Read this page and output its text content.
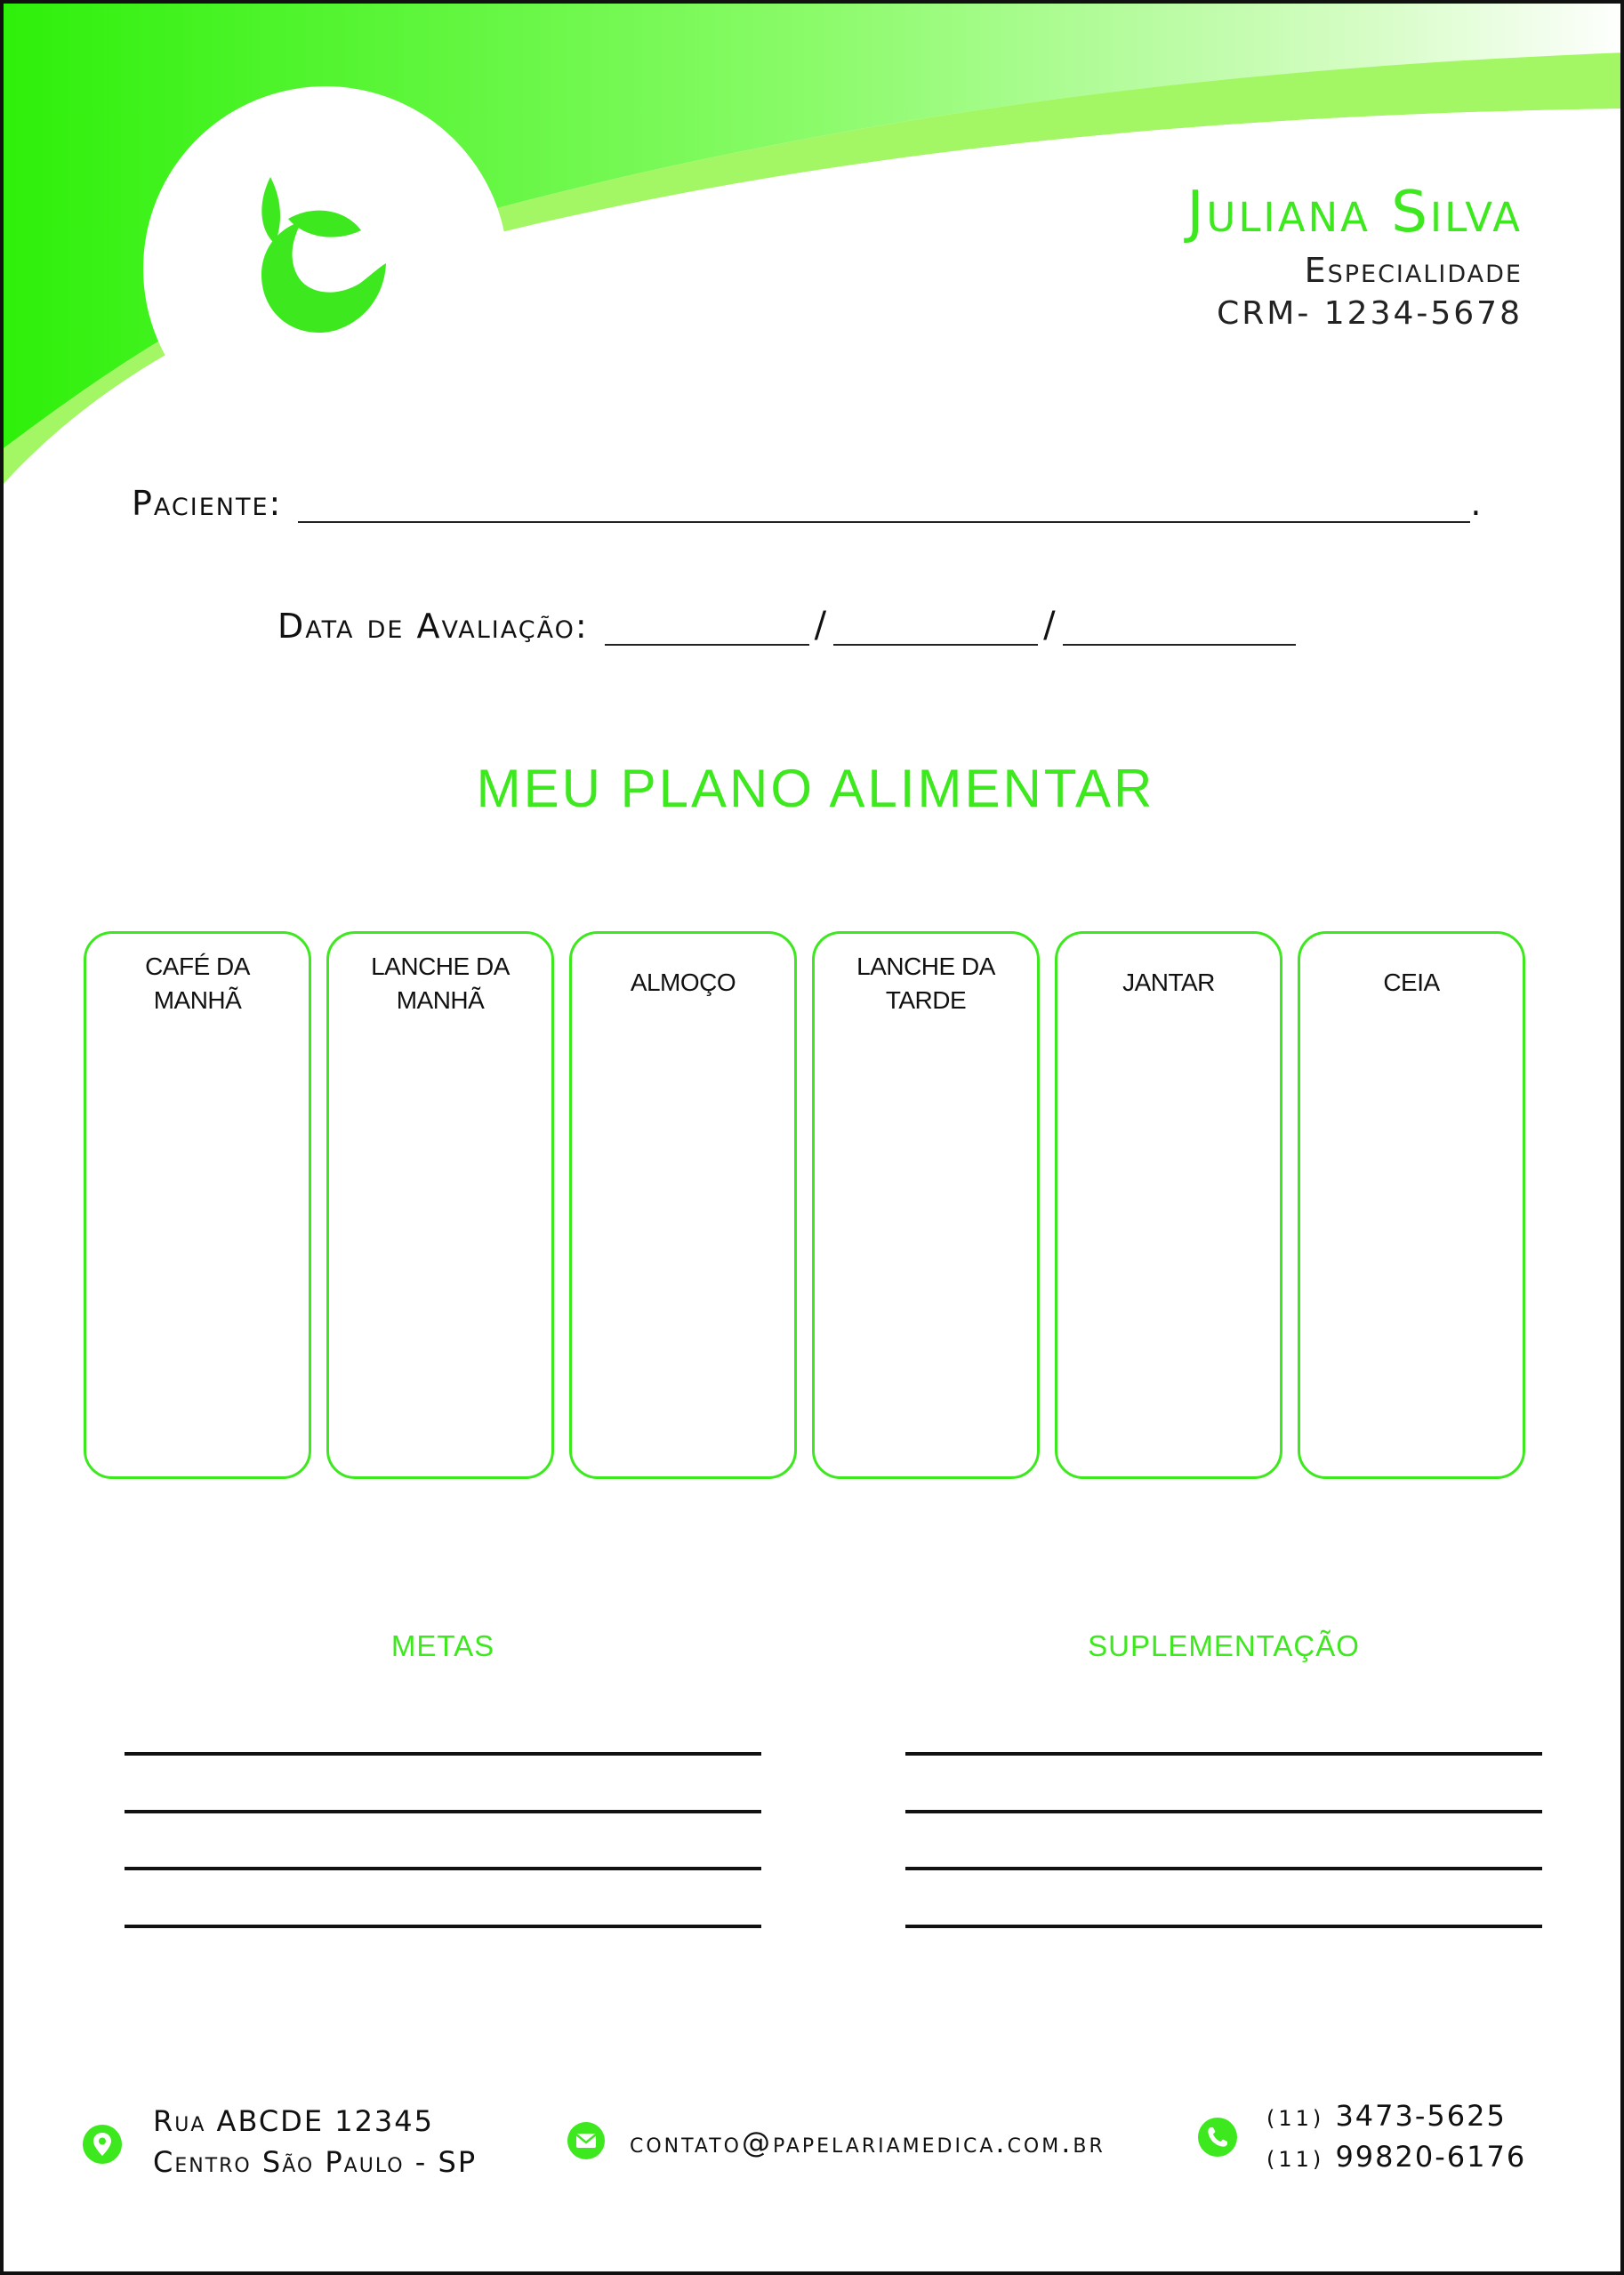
Juliana Silva
Especialidade
CRM- 1234-5678
Paciente:	.
Data de Avaliação:	/	/
MEU PLANO ALIMENTAR
CAFÉ DA MANHÃ
LANCHE DA MANHÃ
ALMOÇO
LANCHE DA TARDE
JANTAR	CEIA
METAS	SUPLEMENTAÇÃO
Rua ABCDE 12345
Centro São Paulo - SP
contato@papelariamedica.com.br
(11) 3473-5625
(11) 99820-6176
